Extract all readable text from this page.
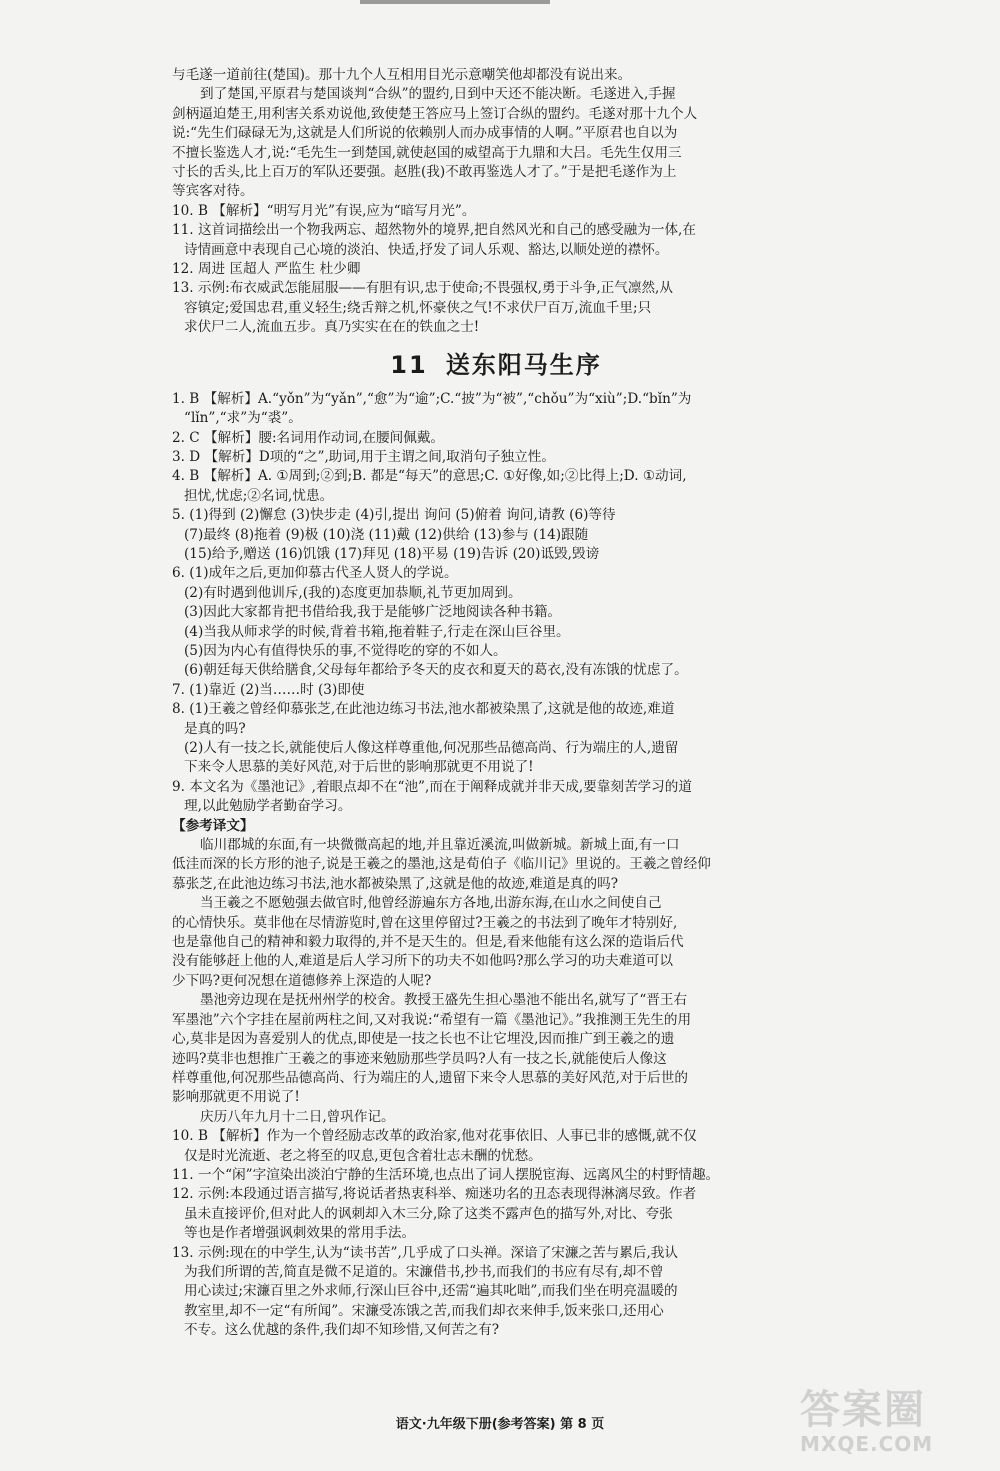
与毛遂一道前往(楚国)。那十九个人互相用目光示意嘲笑他却都没有说出来。
到了楚国,平原君与楚国谈判“合纵”的盟约,日到中天还不能决断。毛遂进入,手握
剑柄逼迫楚王,用利害关系劝说他,致使楚王答应马上签订合纵的盟约。毛遂对那十九个人
说:“先生们碌碌无为,这就是人们所说的依赖别人而办成事情的人啊。”平原君也自以为
不擅长鉴选人才,说:“毛先生一到楚国,就使赵国的威望高于九鼎和大吕。毛先生仅用三
寸长的舌头,比上百万的军队还要强。赵胜(我)不敢再鉴选人才了。”于是把毛遂作为上
等宾客对待。
10. B 【解析】“明写月光”有误,应为“暗写月光”。
11. 这首词描绘出一个物我两忘、超然物外的境界,把自然风光和自己的感受融为一体,在
诗情画意中表现自己心境的淡泊、快适,抒发了词人乐观、豁达,以顺处逆的襟怀。
12. 周进 匡超人 严监生 杜少卿
13. 示例:布衣威武怎能屈服——有胆有识,忠于使命;不畏强权,勇于斗争,正气凛然,从
容镇定;爱国忠君,重义轻生;绕舌辩之机,怀豪侠之气!不求伏尸百万,流血千里;只
求伏尸二人,流血五步。真乃实实在在的铁血之士!
11 送东阳马生序
1. B 【解析】A.“yǒn”为“yǎn”,“愈”为“逾”;C.“披”为“被”,“chǒu”为“xiù”;D.“bǐn”为
“lǐn”,“求”为“裘”。
2. C 【解析】腰:名词用作动词,在腰间佩戴。
3. D 【解析】D项的“之”,助词,用于主谓之间,取消句子独立性。
4. B 【解析】A. ①周到;②到;B. 都是“每天”的意思;C. ①好像,如;②比得上;D. ①动词,
担忧,忧虑;②名词,忧患。
5. (1)得到 (2)懈怠 (3)快步走 (4)引,提出 询问 (5)俯着 询问,请教 (6)等待
(7)最终 (8)拖着 (9)极 (10)浇 (11)戴 (12)供给 (13)参与 (14)跟随
(15)给予,赠送 (16)饥饿 (17)拜见 (18)平易 (19)告诉 (20)诋毁,毁谤
6. (1)成年之后,更加仰慕古代圣人贤人的学说。
(2)有时遇到他训斥,(我的)态度更加恭顺,礼节更加周到。
(3)因此大家都肯把书借给我,我于是能够广泛地阅读各种书籍。
(4)当我从师求学的时候,背着书箱,拖着鞋子,行走在深山巨谷里。
(5)因为内心有值得快乐的事,不觉得吃的穿的不如人。
(6)朝廷每天供给膳食,父母每年都给予冬天的皮衣和夏天的葛衣,没有冻饿的忧虑了。
7. (1)靠近 (2)当……时 (3)即使
8. (1)王羲之曾经仰慕张芝,在此池边练习书法,池水都被染黑了,这就是他的故迹,难道
是真的吗?
(2)人有一技之长,就能使后人像这样尊重他,何况那些品德高尚、行为端庄的人,遗留
下来令人思慕的美好风范,对于后世的影响那就更不用说了!
9. 本文名为《墨池记》,着眼点却不在“池”,而在于阐释成就并非天成,要靠刻苦学习的道
理,以此勉励学者勤奋学习。
【参考译文】
临川郡城的东面,有一块微微高起的地,并且靠近溪流,叫做新城。新城上面,有一口
低洼而深的长方形的池子,说是王羲之的墨池,这是荀伯子《临川记》里说的。王羲之曾经仰
慕张芝,在此池边练习书法,池水都被染黑了,这就是他的故迹,难道是真的吗?
当王羲之不愿勉强去做官时,他曾经游遍东方各地,出游东海,在山水之间使自己
的心情快乐。莫非他在尽情游览时,曾在这里停留过?王羲之的书法到了晚年才特别好,
也是靠他自己的精神和毅力取得的,并不是天生的。但是,看来他能有这么深的造诣后代
没有能够赶上他的人,难道是后人学习所下的功夫不如他吗?那么学习的功夫难道可以
少下吗?更何况想在道德修养上深造的人呢?
墨池旁边现在是抚州州学的校舍。教授王盛先生担心墨池不能出名,就写了“晋王右
军墨池”六个字挂在屋前两柱之间,又对我说:“希望有一篇《墨池记》。”我推测王先生的用
心,莫非是因为喜爱别人的优点,即使是一技之长也不让它埋没,因而推广到王羲之的遗
迹吗?莫非也想推广王羲之的事迹来勉励那些学员吗?人有一技之长,就能使后人像这
样尊重他,何况那些品德高尚、行为端庄的人,遗留下来令人思慕的美好风范,对于后世的
影响那就更不用说了!
庆历八年九月十二日,曾巩作记。
10. B 【解析】作为一个曾经励志改革的政治家,他对花事依旧、人事已非的感慨,就不仅
仅是时光流逝、老之将至的叹息,更包含着壮志未酬的忧愁。
11. 一个“闲”字渲染出淡泊宁静的生活环境,也点出了词人摆脱宦海、远离风尘的村野情趣。
12. 示例:本段通过语言描写,将说话者热衷科举、痴迷功名的丑态表现得淋漓尽致。作者
虽未直接评价,但对此人的讽刺却入木三分,除了这类不露声色的描写外,对比、夸张
等也是作者增强讽刺效果的常用手法。
13. 示例:现在的中学生,认为“读书苦”,几乎成了口头禅。深谙了宋濂之苦与累后,我认
为我们所谓的苦,简直是微不足道的。宋濂借书,抄书,而我们的书应有尽有,却不曾
用心读过;宋濂百里之外求师,行深山巨谷中,还需“遍其叱咄”,而我们坐在明亮温暖的
教室里,却不一定“有所闻”。宋濂受冻饿之苦,而我们却衣来伸手,饭来张口,还用心
不专。这么优越的条件,我们却不知珍惜,又何苦之有?
语文·九年级下册(参考答案) 第 8 页	答案圈
MXQE.COM
